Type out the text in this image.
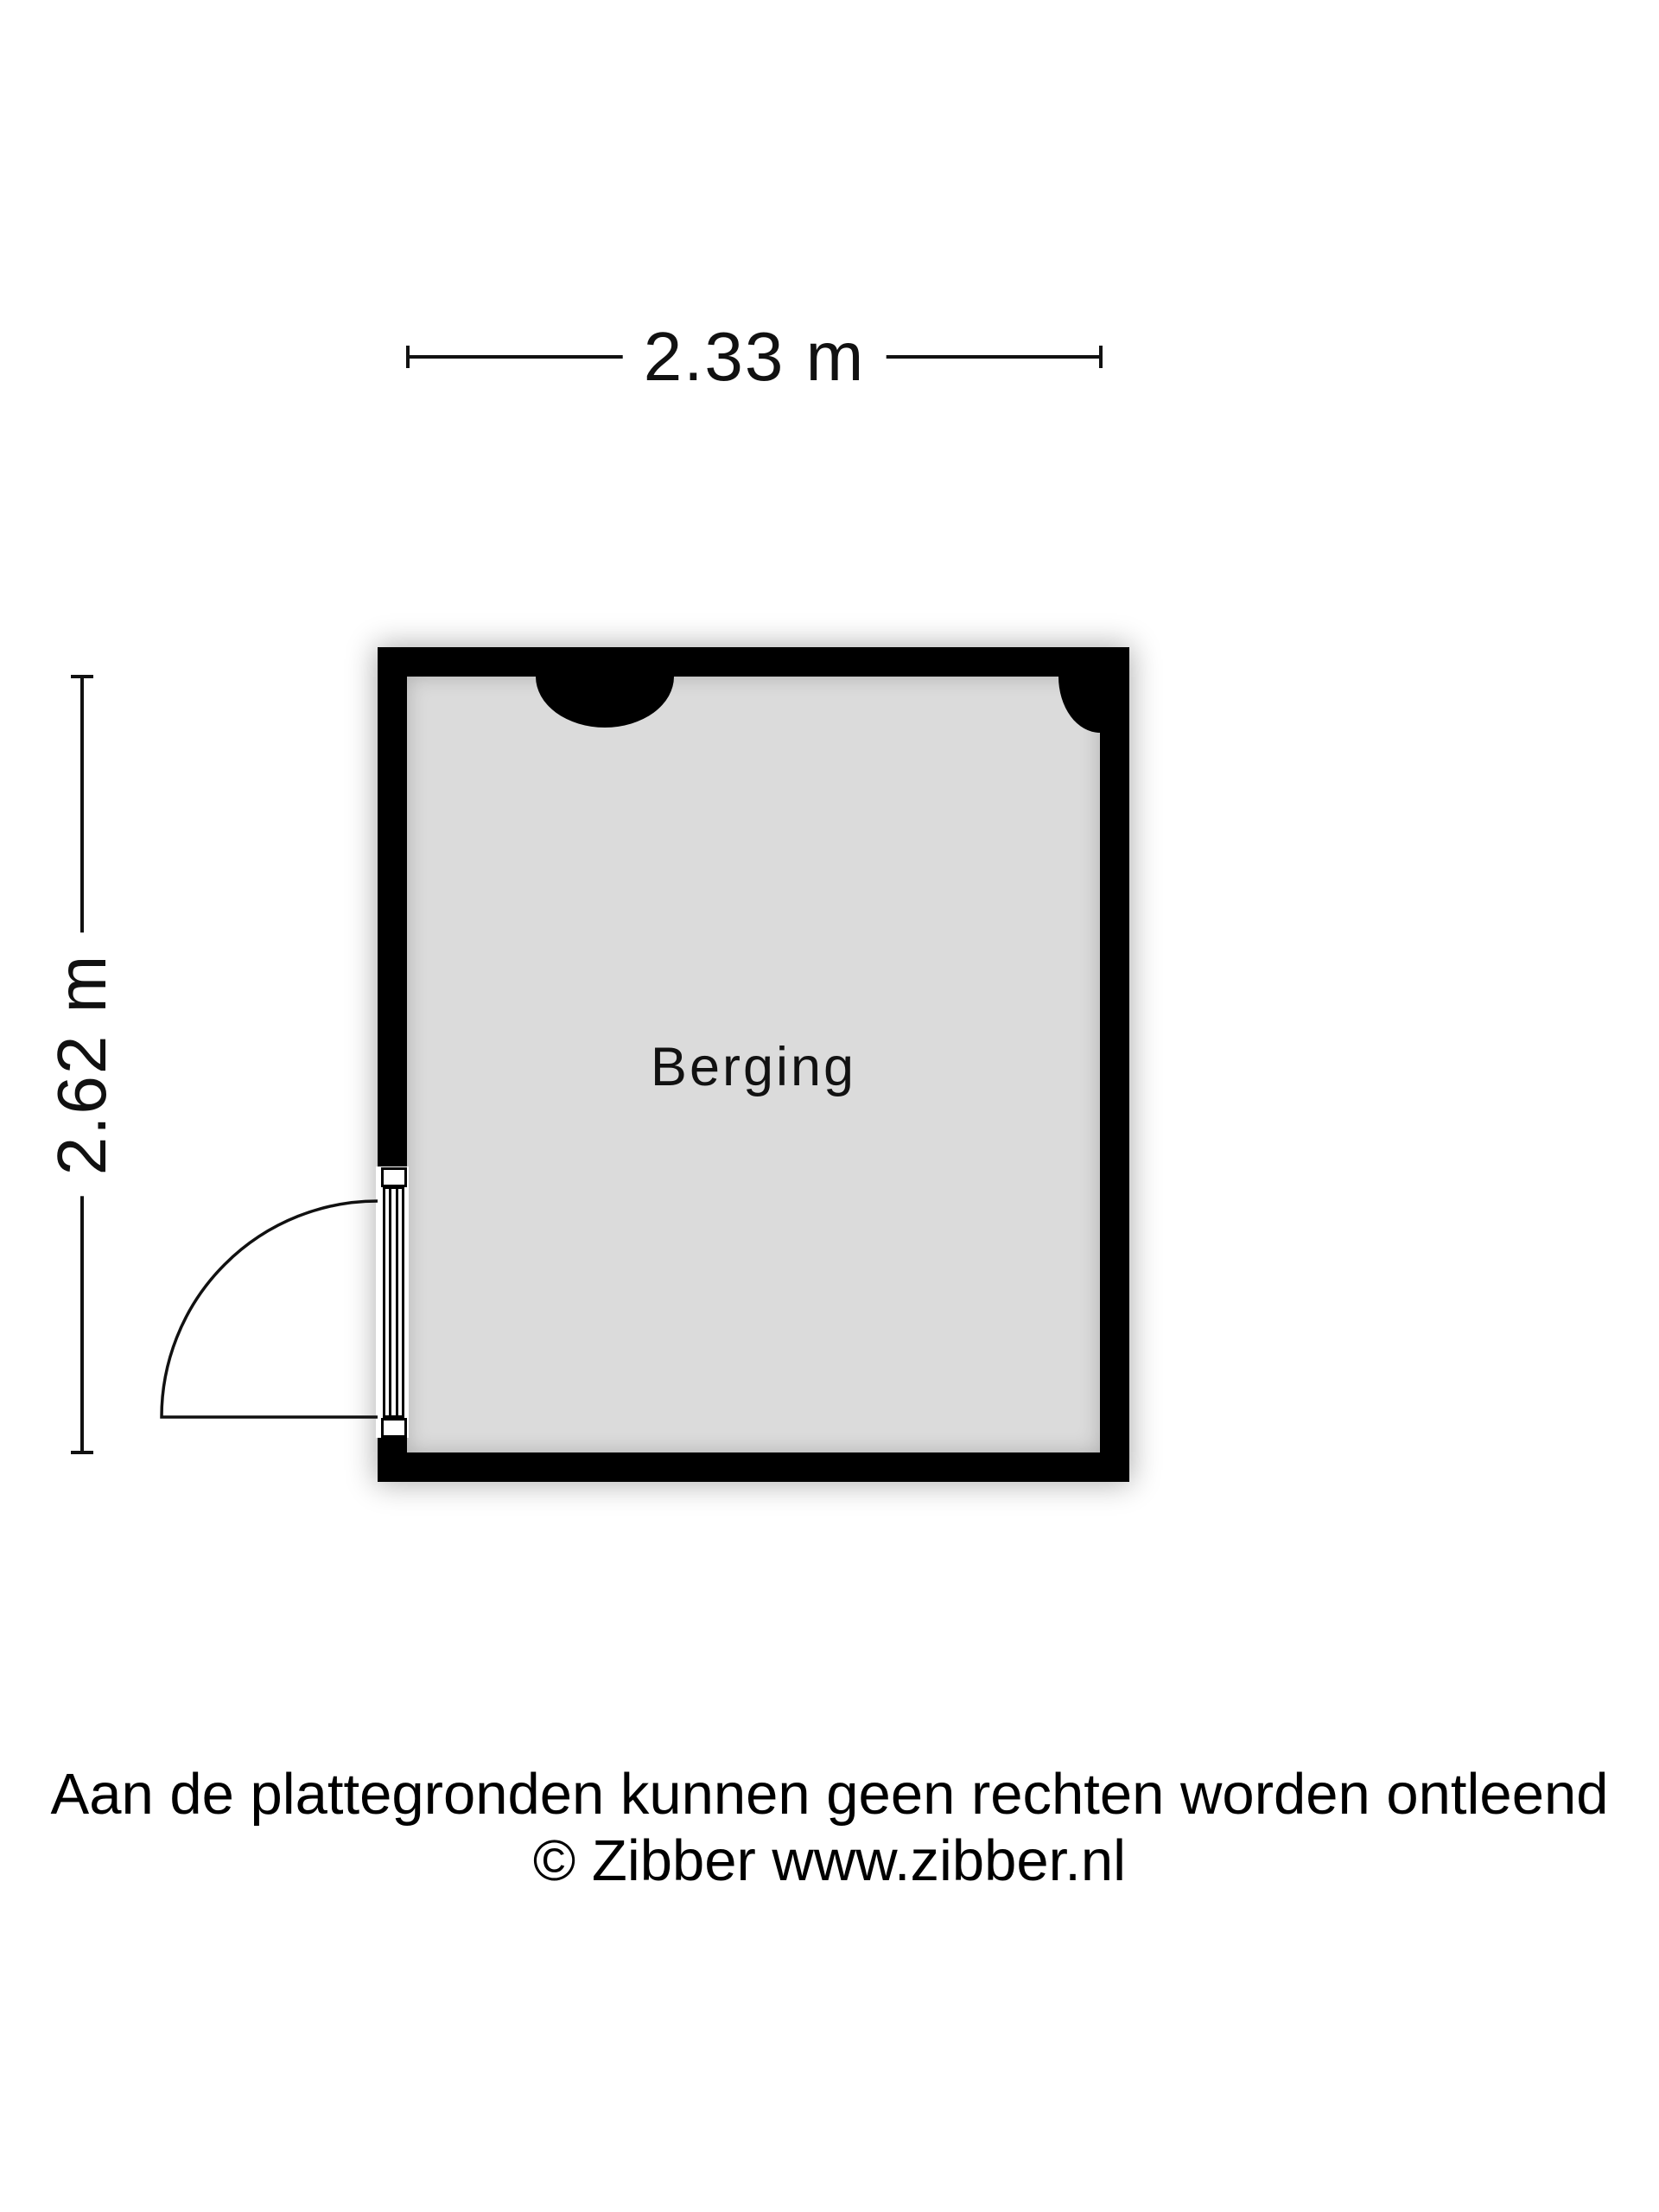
2.33 m
2.62 m	Berging
Aan de plattegronden kunnen geen rechten worden ontleend
© Zibber www.zibber.nl
